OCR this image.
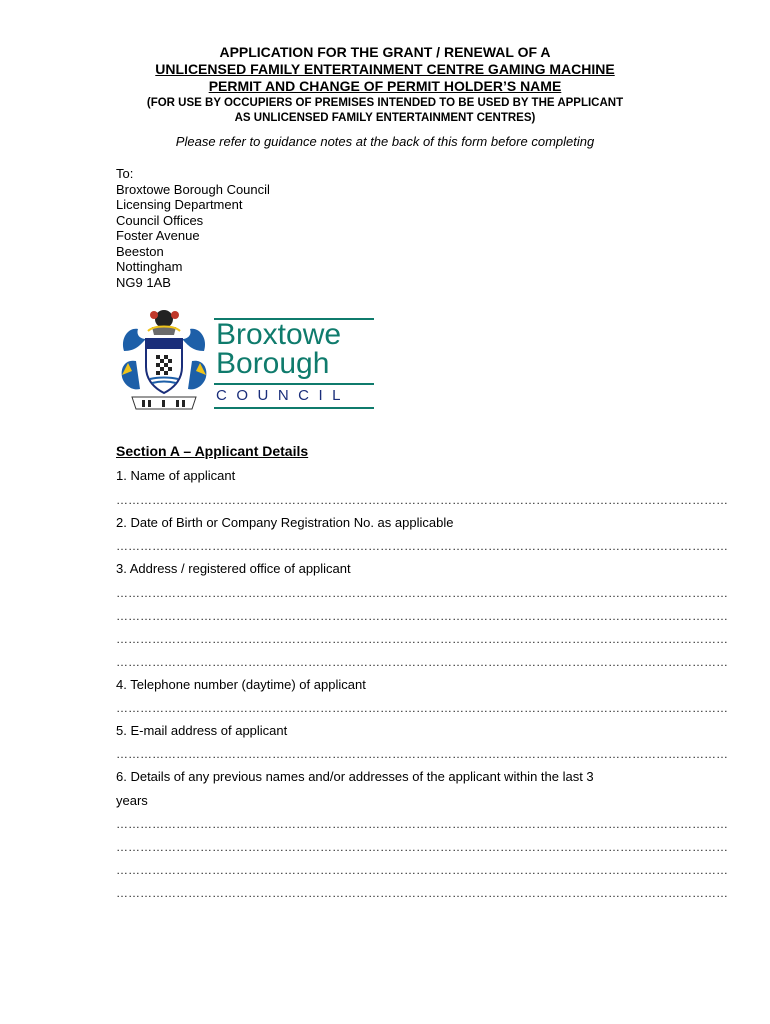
APPLICATION FOR THE GRANT / RENEWAL OF A
UNLICENSED FAMILY ENTERTAINMENT CENTRE GAMING MACHINE
PERMIT AND CHANGE OF PERMIT HOLDER’S NAME
(FOR USE BY OCCUPIERS OF PREMISES INTENDED TO BE USED BY THE APPLICANT
AS UNLICENSED FAMILY ENTERTAINMENT CENTRES)
Please refer to guidance notes at the back of this form before completing
To:
Broxtowe Borough Council
Licensing Department
Council Offices
Foster Avenue
Beeston
Nottingham
NG9 1AB
Broxtowe
Borough
COUNCIL
Section A – Applicant Details
1. Name of applicant
………………………………………………………………………………………………………………………………………
2. Date of Birth or Company Registration No. as applicable
………………………………………………………………………………………………………………………………………
3. Address / registered office of applicant
………………………………………………………………………………………………………………………………………
………………………………………………………………………………………………………………………………………
………………………………………………………………………………………………………………………………………
………………………………………………………………………………………………………………………………………
4. Telephone number (daytime) of applicant
………………………………………………………………………………………………………………………………………
5. E-mail address of applicant
………………………………………………………………………………………………………………………………………
6. Details of any previous names and/or addresses of the applicant within the last 3
years
………………………………………………………………………………………………………………………………………
………………………………………………………………………………………………………………………………………
………………………………………………………………………………………………………………………………………
………………………………………………………………………………………………………………………………………
